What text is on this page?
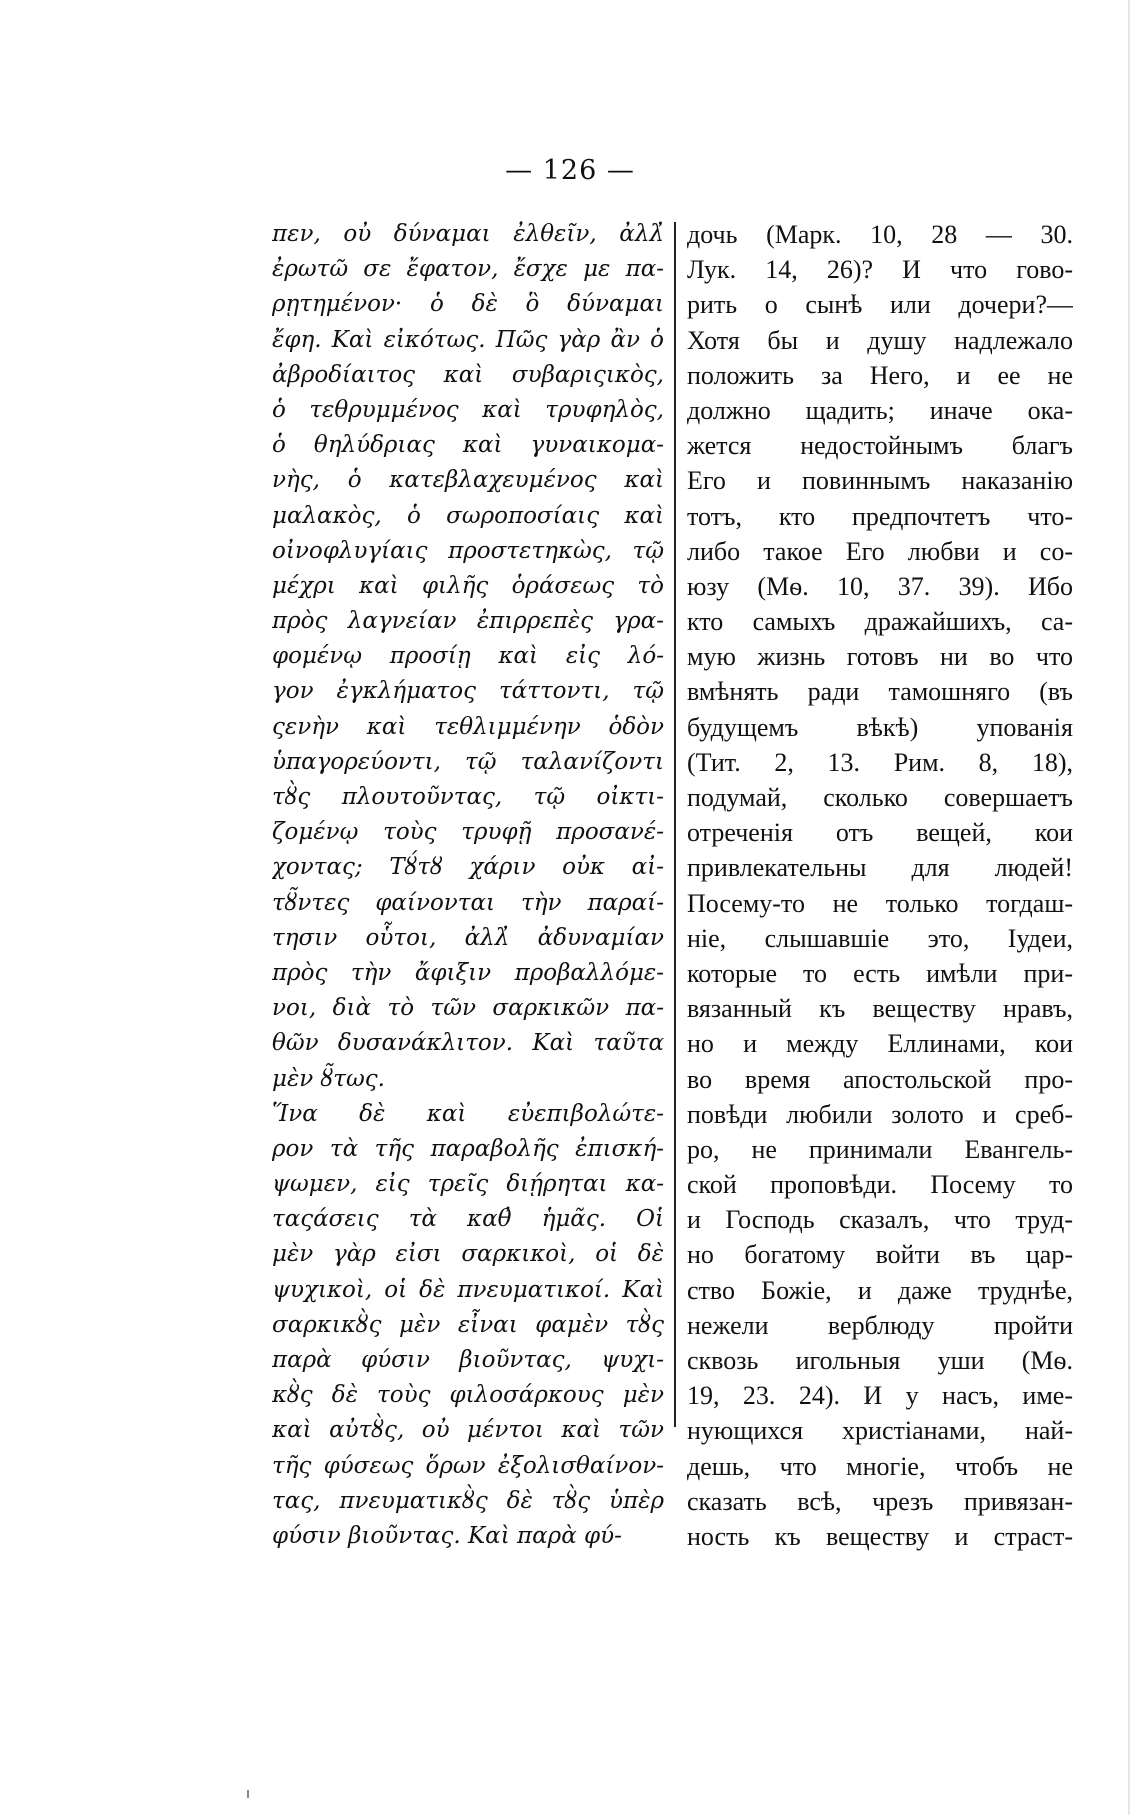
— 126 —
πεν, οὐ δύναμαι ἐλθεῖν, ἀλλ̓
ἐρωτῶ σε ἔφατον, ἔσχε με πα-
ρῃτημένον· ὁ δὲ ὃ δύναμαι
ἔφη. Καὶ εἰκότως. Πῶς γὰρ ἂν ὁ
ἀβροδίαιτος καὶ συβαριςικὸς,
ὁ τεθρυμμένος καὶ τρυφηλὸς,
ὁ θηλύδριας καὶ γυναικομα-
νὴς, ὁ κατεβλαχευμένος καὶ
μαλακὸς, ὁ σωροποσίαις καὶ
οἰνοφλυγίαις προστετηκὼς, τῷ
μέχρι καὶ φιλῆς ὁράσεως τὸ
πρὸς λαγνείαν ἐπιρρεπὲς γρα-
φομένῳ προσίῃ καὶ εἰς λό-
γον ἐγκλήματος τάττοντι, τῷ
ςενὴν καὶ τεθλιμμένην ὁδὸν
ὑπαγορεύοντι, τῷ ταλανίζοντι
τȣ̀ς πλουτοῦντας, τῷ οἰκτι-
ζομένῳ τοὺς τρυφῇ προσανέ-
χοντας; Τȣ́τȣ χάριν οὐκ αἰ-
τȣ̃ντες φαίνονται τὴν παραί-
τησιν οὗτοι, ἀλλ̓ ἀδυναμίαν
πρὸς τὴν ἄφιξιν προβαλλόμε-
νοι, διὰ τὸ τῶν σαρκικῶν πα-
θῶν δυσανάκλιτον. Καὶ ταῦτα
μὲν ȣ̃τως.
Ἵνα δὲ καὶ εὐεπιβολώτε-
ρον τὰ τῆς παραβολῆς ἐπισκή-
ψωμεν, εἰς τρεῖς διῄρηται κα-
ταςάσεις τὰ καθ̓ ἡμᾶς. Οἱ
μὲν γὰρ εἰσι σαρκικοὶ, οἱ δὲ
ψυχικοὶ, οἱ δὲ πνευματικοί. Καὶ
σαρκικȣ̀ς μὲν εἶναι φαμὲν τȣ̀ς
παρὰ φύσιν βιοῦντας, ψυχι-
κȣ̀ς δὲ τοὺς φιλοσάρκους μὲν
καὶ αὐτȣ̀ς, οὐ μέντοι καὶ τῶν
τῆς φύσεως ὅρων ἐξολισθαίνον-
τας, πνευματικȣ̀ς δὲ τȣ̀ς ὑπὲρ
φύσιν βιοῦντας. Καὶ παρὰ φύ-
дочь (Марк. 10, 28 — 30.
Лук. 14, 26)? И что гово-
рить о сынѣ или дочери?—
Хотя бы и душу надлежало
положить за Него, и ее не
должно щадить; иначе ока-
жется недостойнымъ благъ
Его и повиннымъ наказанію
тотъ, кто предпочтетъ что-
либо такое Его любви и со-
юзу (Мѳ. 10, 37. 39). Ибо
кто самыхъ дражайшихъ, са-
мую жизнь готовъ ни во что
вмѣнять ради тамошняго (въ
будущемъ вѣкѣ) упованія
(Тит. 2, 13. Рим. 8, 18),
подумай, сколько совершаетъ
отреченія отъ вещей, кои
привлекательны для людей!
Посему-то не только тогдаш-
ніе, слышавшіе это, Іудеи,
которые то есть имѣли при-
вязанный къ веществу нравъ,
но и между Еллинами, кои
во время апостольской про-
повѣди любили золото и среб-
ро, не принимали Евангель-
ской проповѣди. Посему то
и Господь сказалъ, что труд-
но богатому войти въ цар-
ство Божіе, и даже труднѣе,
нежели верблюду пройти
сквозь игольныя уши (Мѳ.
19, 23. 24). И у насъ, име-
нующихся христіанами, най-
дешь, что многіе, чтобъ не
сказать всѣ, чрезъ привязан-
ность къ веществу и страст-
